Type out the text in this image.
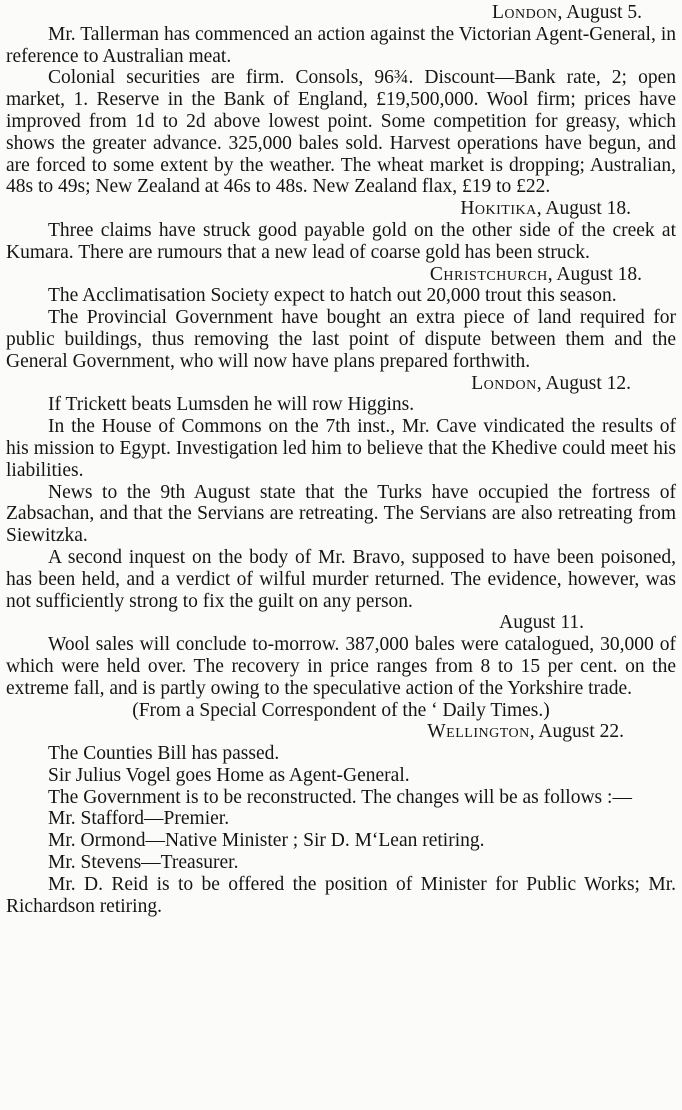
London, August 5.

Mr. Tallerman has commenced an action against the Victorian Agent-General, in reference to Australian meat.

Colonial securities are firm. Consols, 96¾. Discount—Bank rate, 2; open market, 1. Reserve in the Bank of England, £19,500,000. Wool firm; prices have improved from 1d to 2d above lowest point. Some competition for greasy, which shows the greater advance. 325,000 bales sold. Harvest operations have begun, and are forced to some extent by the weather. The wheat market is dropping; Australian, 48s to 49s; New Zealand at 46s to 48s. New Zealand flax, £19 to £22.

Hokitika, August 18.

Three claims have struck good payable gold on the other side of the creek at Kumara. There are rumours that a new lead of coarse gold has been struck.

Christchurch, August 18.

The Acclimatisation Society expect to hatch out 20,000 trout this season.

The Provincial Government have bought an extra piece of land required for public buildings, thus removing the last point of dispute between them and the General Government, who will now have plans prepared forthwith.

London, August 12.

If Trickett beats Lumsden he will row Higgins.

In the House of Commons on the 7th inst., Mr. Cave vindicated the results of his mission to Egypt. Investigation led him to believe that the Khedive could meet his liabilities.

News to the 9th August state that the Turks have occupied the fortress of Zabsachan, and that the Servians are retreating. The Servians are also retreating from Siewitzka.

A second inquest on the body of Mr. Bravo, supposed to have been poisoned, has been held, and a verdict of wilful murder returned. The evidence, however, was not sufficiently strong to fix the guilt on any person.

August 11.

Wool sales will conclude to-morrow. 387,000 bales were catalogued, 30,000 of which were held over. The recovery in price ranges from 8 to 15 per cent. on the extreme fall, and is partly owing to the speculative action of the Yorkshire trade.

(From a Special Correspondent of the ‘ Daily Times.)

Wellington, August 22.

The Counties Bill has passed.

Sir Julius Vogel goes Home as Agent-General.

The Government is to be reconstructed. The changes will be as follows :—

Mr. Stafford—Premier.

Mr. Ormond—Native Minister ; Sir D. M‘Lean retiring.

Mr. Stevens—Treasurer.

Mr. D. Reid is to be offered the position of Minister for Public Works; Mr. Richardson retiring.
